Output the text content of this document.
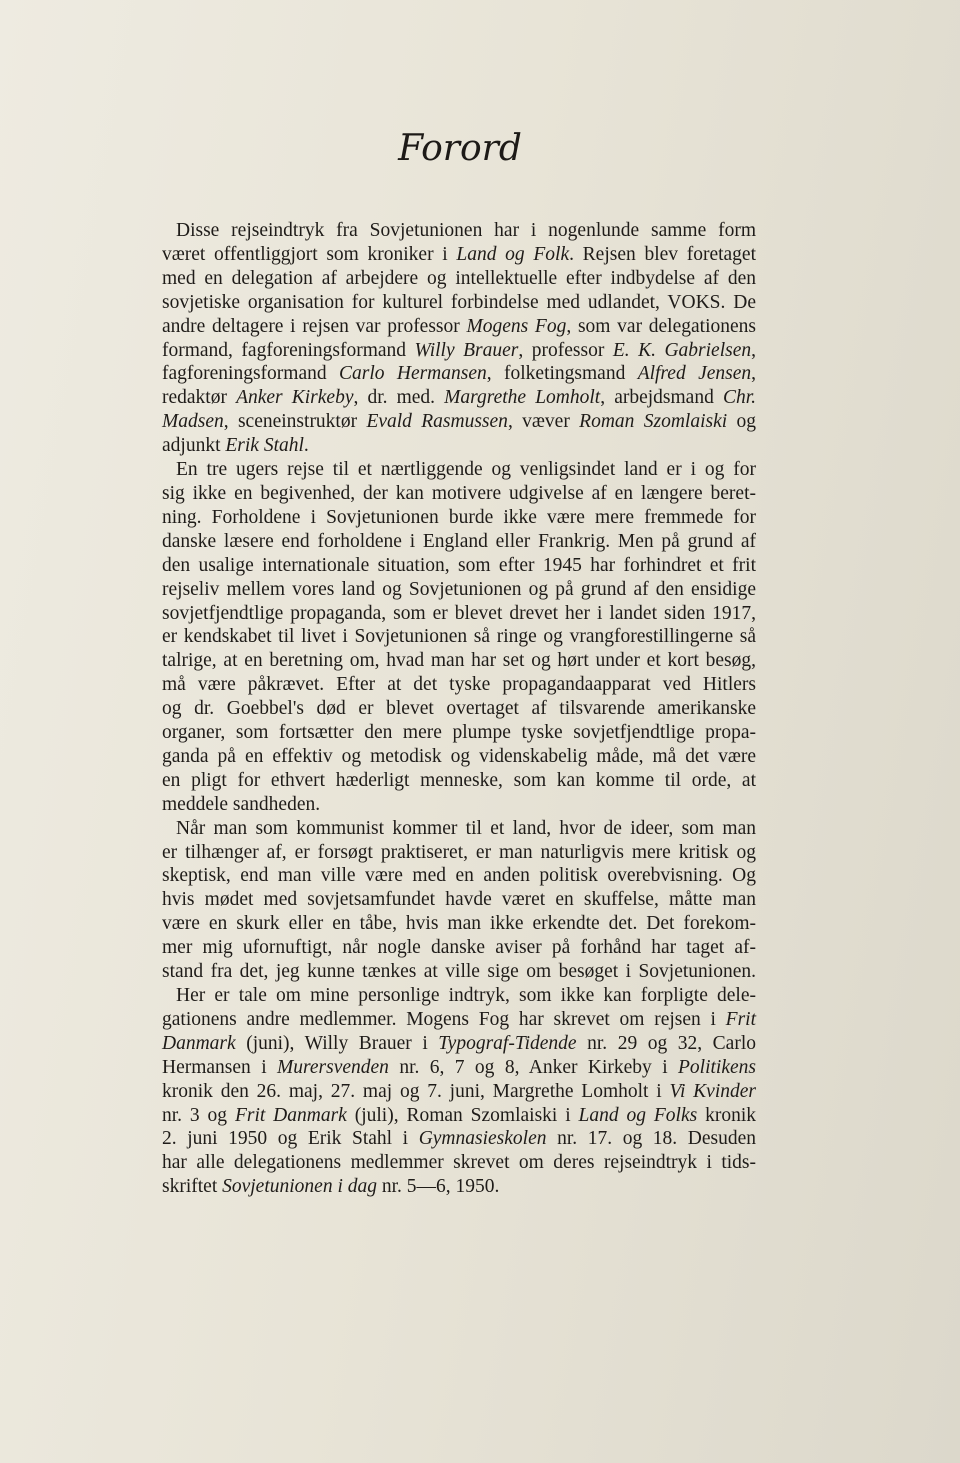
Forord
Disse rejseindtryk fra Sovjetunionen har i nogenlunde samme form
været offentliggjort som kroniker i Land og Folk. Rejsen blev foretaget
med en delegation af arbejdere og intellektuelle efter indbydelse af den
sovjetiske organisation for kulturel forbindelse med udlandet, VOKS. De
andre deltagere i rejsen var professor Mogens Fog, som var delegationens
formand, fagforeningsformand Willy Brauer, professor E. K. Gabrielsen,
fagforeningsformand Carlo Hermansen, folketingsmand Alfred Jensen,
redaktør Anker Kirkeby, dr. med. Margrethe Lomholt, arbejdsmand Chr.
Madsen, sceneinstruktør Evald Rasmussen, væver Roman Szomlaiski og
adjunkt Erik Stahl.
En tre ugers rejse til et nærtliggende og venligsindet land er i og for
sig ikke en begivenhed, der kan motivere udgivelse af en længere beret-
ning. Forholdene i Sovjetunionen burde ikke være mere fremmede for
danske læsere end forholdene i England eller Frankrig. Men på grund af
den usalige internationale situation, som efter 1945 har forhindret et frit
rejseliv mellem vores land og Sovjetunionen og på grund af den ensidige
sovjetfjendtlige propaganda, som er blevet drevet her i landet siden 1917,
er kendskabet til livet i Sovjetunionen så ringe og vrangforestillingerne så
talrige, at en beretning om, hvad man har set og hørt under et kort besøg,
må være påkrævet. Efter at det tyske propagandaapparat ved Hitlers
og dr. Goebbel's død er blevet overtaget af tilsvarende amerikanske
organer, som fortsætter den mere plumpe tyske sovjetfjendtlige propa-
ganda på en effektiv og metodisk og videnskabelig måde, må det være
en pligt for ethvert hæderligt menneske, som kan komme til orde, at
meddele sandheden.
Når man som kommunist kommer til et land, hvor de ideer, som man
er tilhænger af, er forsøgt praktiseret, er man naturligvis mere kritisk og
skeptisk, end man ville være med en anden politisk overebvisning. Og
hvis mødet med sovjetsamfundet havde været en skuffelse, måtte man
være en skurk eller en tåbe, hvis man ikke erkendte det. Det forekom-
mer mig ufornuftigt, når nogle danske aviser på forhånd har taget af-
stand fra det, jeg kunne tænkes at ville sige om besøget i Sovjetunionen.
Her er tale om mine personlige indtryk, som ikke kan forpligte dele-
gationens andre medlemmer. Mogens Fog har skrevet om rejsen i Frit
Danmark (juni), Willy Brauer i Typograf-Tidende nr. 29 og 32, Carlo
Hermansen i Murersvenden nr. 6, 7 og 8, Anker Kirkeby i Politikens
kronik den 26. maj, 27. maj og 7. juni, Margrethe Lomholt i Vi Kvinder
nr. 3 og Frit Danmark (juli), Roman Szomlaiski i Land og Folks kronik
2. juni 1950 og Erik Stahl i Gymnasieskolen nr. 17. og 18. Desuden
har alle delegationens medlemmer skrevet om deres rejseindtryk i tids-
skriftet Sovjetunionen i dag nr. 5—6, 1950.
